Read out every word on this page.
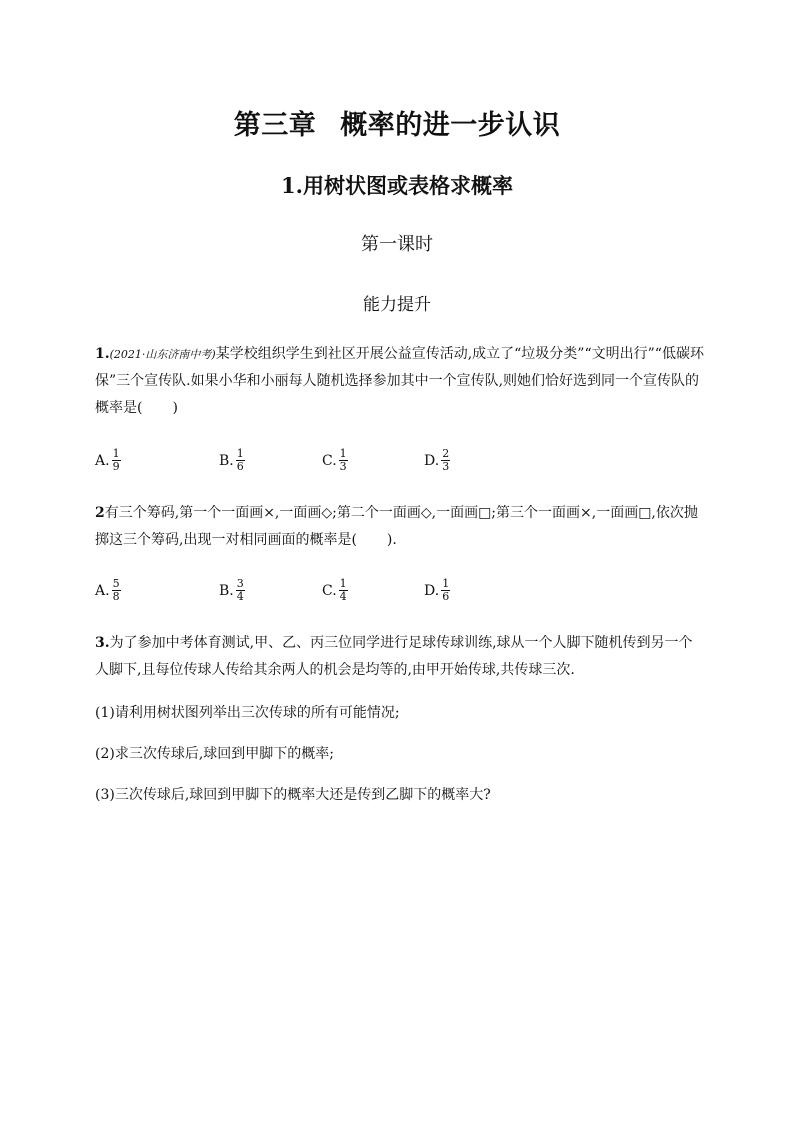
第三章 概率的进一步认识
1.用树状图或表格求概率
第一课时
能力提升
1.(2021·山东济南中考)某学校组织学生到社区开展公益宣传活动,成立了“垃圾分类”“文明出行”“低碳环保”三个宣传队.如果小华和小丽每人随机选择参加其中一个宣传队,则她们恰好选到同一个宣传队的概率是( )
A. $\frac{1}{9}$	B. $\frac{1}{6}$	C. $\frac{1}{3}$	D. $\frac{2}{3}$
2有三个筹码,第一个一面画×,一面画◇;第二个一面画◇,一面画□;第三个一面画×,一面画□,依次抛掷这三个筹码,出现一对相同画面的概率是( ).
A. $\frac{5}{8}$	B. $\frac{3}{4}$	C. $\frac{1}{4}$	D. $\frac{1}{6}$
3.为了参加中考体育测试,甲、乙、丙三位同学进行足球传球训练,球从一个人脚下随机传到另一个人脚下,且每位传球人传给其余两人的机会是均等的,由甲开始传球,共传球三次.
(1)请利用树状图列举出三次传球的所有可能情况;
(2)求三次传球后,球回到甲脚下的概率;
(3)三次传球后,球回到甲脚下的概率大还是传到乙脚下的概率大?
